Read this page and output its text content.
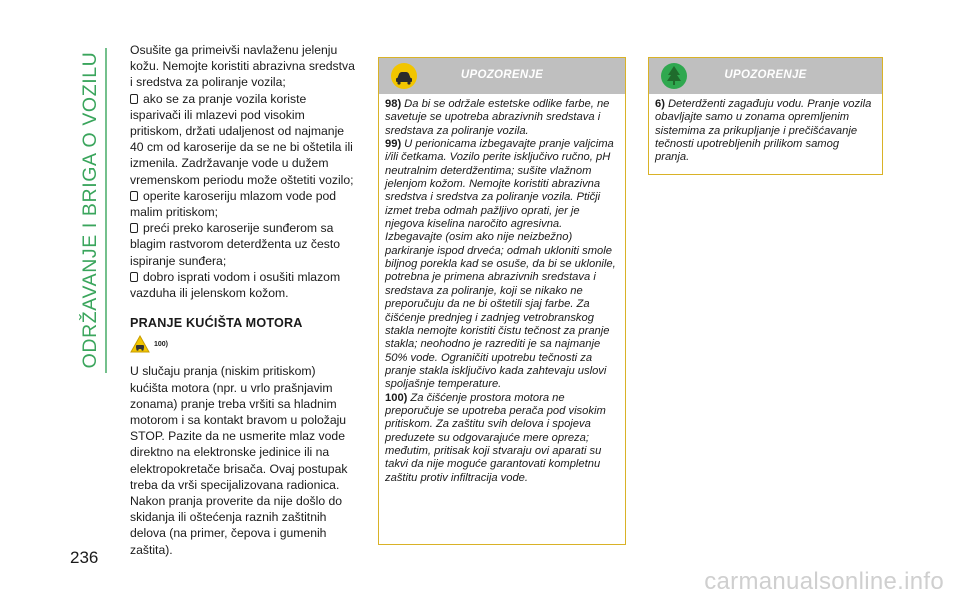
ODRŽAVANJE I BRIGA O VOZILU
236

Osušite ga primeivši navlaženu jelenju kožu. Nemojte koristiti abrazivna sredstva i sredstva za poliranje vozila;

ako se za pranje vozila koriste isparivači ili mlazevi pod visokim pritiskom, držati udaljenost od najmanje 40 cm od karoserije da se ne bi oštetila ili izmenila. Zadržavanje vode u dužem vremenskom periodu može oštetiti vozilo;

operite karoseriju mlazom vode pod malim pritiskom;

preći preko karoserije sunđerom sa blagim rastvorom deterdženta uz često ispiranje sunđera;

dobro isprati vodom i osušiti mlazom vazduha ili jelenskom kožom.

PRANJE KUĆIŠTA MOTORA
100)

U slučaju pranja (niskim pritiskom) kućišta motora (npr. u vrlo prašnjavim zonama) pranje treba vršiti sa hladnim motorom i sa kontakt bravom u položaju STOP. Pazite da ne usmerite mlaz vode direktno na elektronske jedinice ili na elektropokretače brisača. Ovaj postupak treba da vrši specijalizovana radionica. Nakon pranja proverite da nije došlo do skidanja ili oštećenja raznih zaštitnih delova (na primer, čepova i gumenih zaštita).

UPOZORENJE

98) Da bi se održale estetske odlike farbe, ne savetuje se upotreba abrazivnih sredstava i sredstava za poliranje vozila.

99) U perionicama izbegavajte pranje valjcima i/ili četkama. Vozilo perite isključivo ručno, pH neutralnim deterdžentima; sušite vlažnom jelenjom kožom. Nemojte koristiti abrazivna sredstva i sredstva za poliranje vozila. Ptičji izmet treba odmah pažljivo oprati, jer je njegova kiselina naročito agresivna. Izbegavajte (osim ako nije neizbežno) parkiranje ispod drveća; odmah ukloniti smole biljnog porekla kad se osuše, da bi se uklonile, potrebna je primena abrazivnih sredstava i sredstava za poliranje, koji se nikako ne preporučuju da ne bi oštetili sjaj farbe. Za čišćenje prednjeg i zadnjeg vetrobranskog stakla nemojte koristiti čistu tečnost za pranje stakla; neohodno je razrediti je sa najmanje 50% vode. Ograničiti upotrebu tečnosti za pranje stakla isključivo kada zahtevaju uslovi spoljašnje temperature.

100) Za čišćenje prostora motora ne preporučuje se upotreba perača pod visokim pritiskom. Za zaštitu svih delova i spojeva preduzete su odgovarajuće mere opreza; međutim, pritisak koji stvaraju ovi aparati su takvi da nije moguće garantovati kompletnu zaštitu protiv infiltracija vode.

UPOZORENJE

6) Deterdženti zagađuju vodu. Pranje vozila obavljajte samo u zonama opremljenim sistemima za prikupljanje i prečišćavanje tečnosti upotrebljenih prilikom samog pranja.

carmanualsonline.info
